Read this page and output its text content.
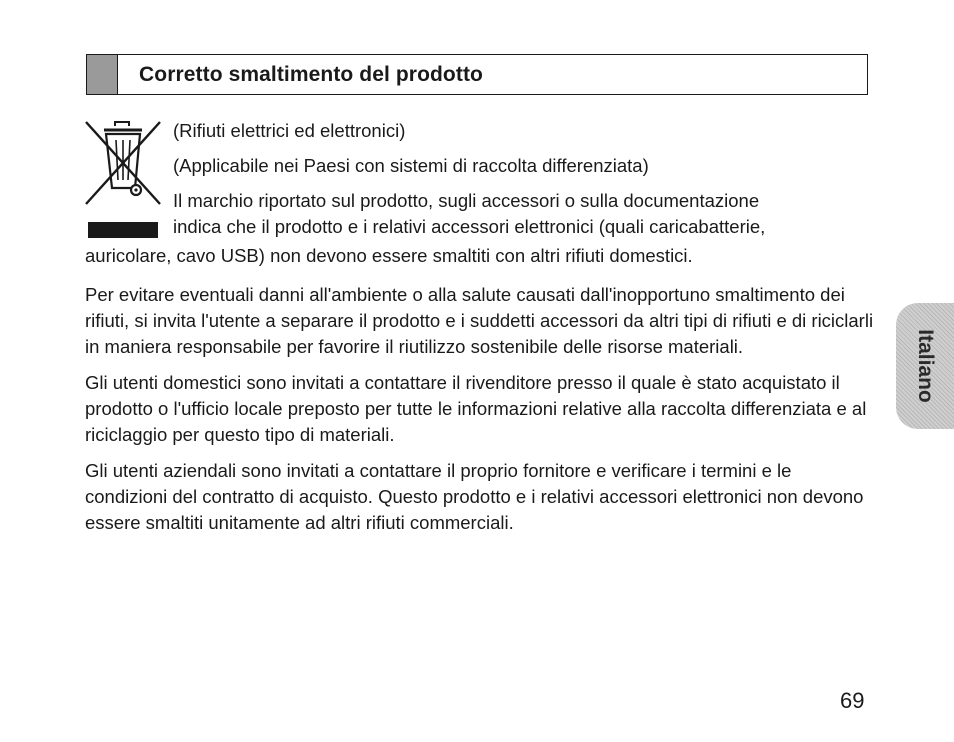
Corretto smaltimento del prodotto

(Rifiuti elettrici ed elettronici)

(Applicabile nei Paesi con sistemi di raccolta differenziata)

Il marchio riportato sul prodotto, sugli accessori o sulla documentazione

indica che il prodotto e i relativi accessori elettronici (quali caricabatterie,

auricolare, cavo USB) non devono essere smaltiti con altri rifiuti domestici.

Per evitare eventuali danni all'ambiente o alla salute causati dall'inopportuno smaltimento dei rifiuti, si invita l'utente a separare il prodotto e i suddetti accessori da altri tipi di rifiuti e di riciclarli in maniera responsabile per favorire il riutilizzo sostenibile delle risorse materiali.

Gli utenti domestici sono invitati a contattare il rivenditore presso il quale è stato acquistato il prodotto o l'ufficio locale preposto per tutte le informazioni relative alla raccolta differenziata e al riciclaggio per questo tipo di materiali.

Gli utenti aziendali sono invitati a contattare il proprio fornitore e verificare i termini e le condizioni del contratto di acquisto. Questo prodotto e i relativi accessori elettronici non devono essere smaltiti unitamente ad altri rifiuti commerciali.

Italiano
69
